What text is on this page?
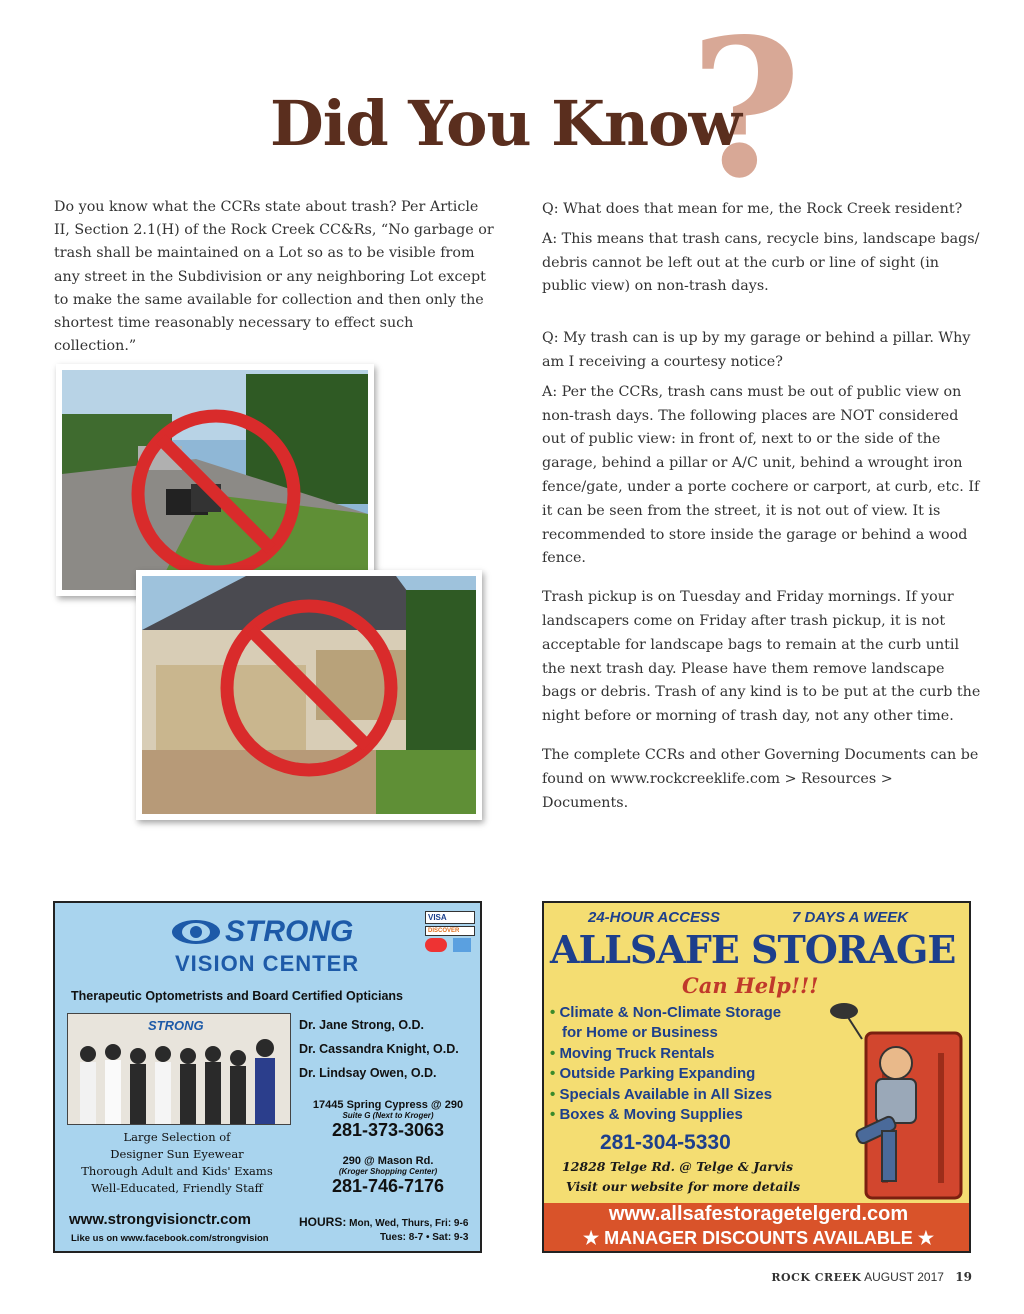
?
Did You Know

Do you know what the CCRs state about trash? Per Article II, Section 2.1(H) of the Rock Creek CC&Rs, “No garbage or trash shall be maintained on a Lot so as to be visible from any street in the Subdivision or any neighboring Lot except to make the same available for collection and then only the shortest time reasonably necessary to effect such collection.”

Q: What does that mean for me, the Rock Creek resident?

A: This means that trash cans, recycle bins, landscape bags/ debris cannot be left out at the curb or line of sight (in public view) on non-trash days.

Q: My trash can is up by my garage or behind a pillar. Why am I receiving a courtesy notice?

A: Per the CCRs, trash cans must be out of public view on non-trash days. The following places are NOT considered out of public view: in front of, next to or the side of the garage, behind a pillar or A/C unit, behind a wrought iron fence/gate, under a porte cochere or carport, at curb, etc. If it can be seen from the street, it is not out of view. It is recommended to store inside the garage or behind a wood fence.

Trash pickup is on Tuesday and Friday mornings. If your landscapers come on Friday after trash pickup, it is not acceptable for landscape bags to remain at the curb until the next trash day. Please have them remove landscape bags or debris. Trash of any kind is to be put at the curb the night before or morning of trash day, not any other time.

The complete CCRs and other Governing Documents can be found on www.rockcreeklife.com > Resources > Documents.

STRONG
VISION CENTER
VISA
DISCOVER

Therapeutic Optometrists and Board Certified Opticians
STRONG	Dr. Jane Strong, O.D.
Dr. Cassandra Knight, O.D.
Dr. Lindsay Owen, O.D.
17445 Spring Cypress @ 290
Suite G (Next to Kroger)
281-373-3063
290 @ Mason Rd.
(Kroger Shopping Center)
281-746-7176
Large Selection of
Designer Sun Eyewear
Thorough Adult and Kids' Exams
Well-Educated, Friendly Staff
www.strongvisionctr.com
Like us on www.facebook.com/strongvision
HOURS: Mon, Wed, Thurs, Fri: 9-6
Tues: 8-7 • Sat: 9-3
24-HOUR ACCESS	7 DAYS A WEEK
ALLSAFE STORAGE
Can Help!!!
• Climate & Non-Climate Storage
for Home or Business
• Moving Truck Rentals
• Outside Parking Expanding
• Specials Available in All Sizes
• Boxes & Moving Supplies
281-304-5330
12828 Telge Rd. @ Telge & Jarvis
Visit our website for more details
www.allsafestoragetelgerd.com
★ MANAGER DISCOUNTS AVAILABLE ★
ROCK CREEK AUGUST 2017 19
